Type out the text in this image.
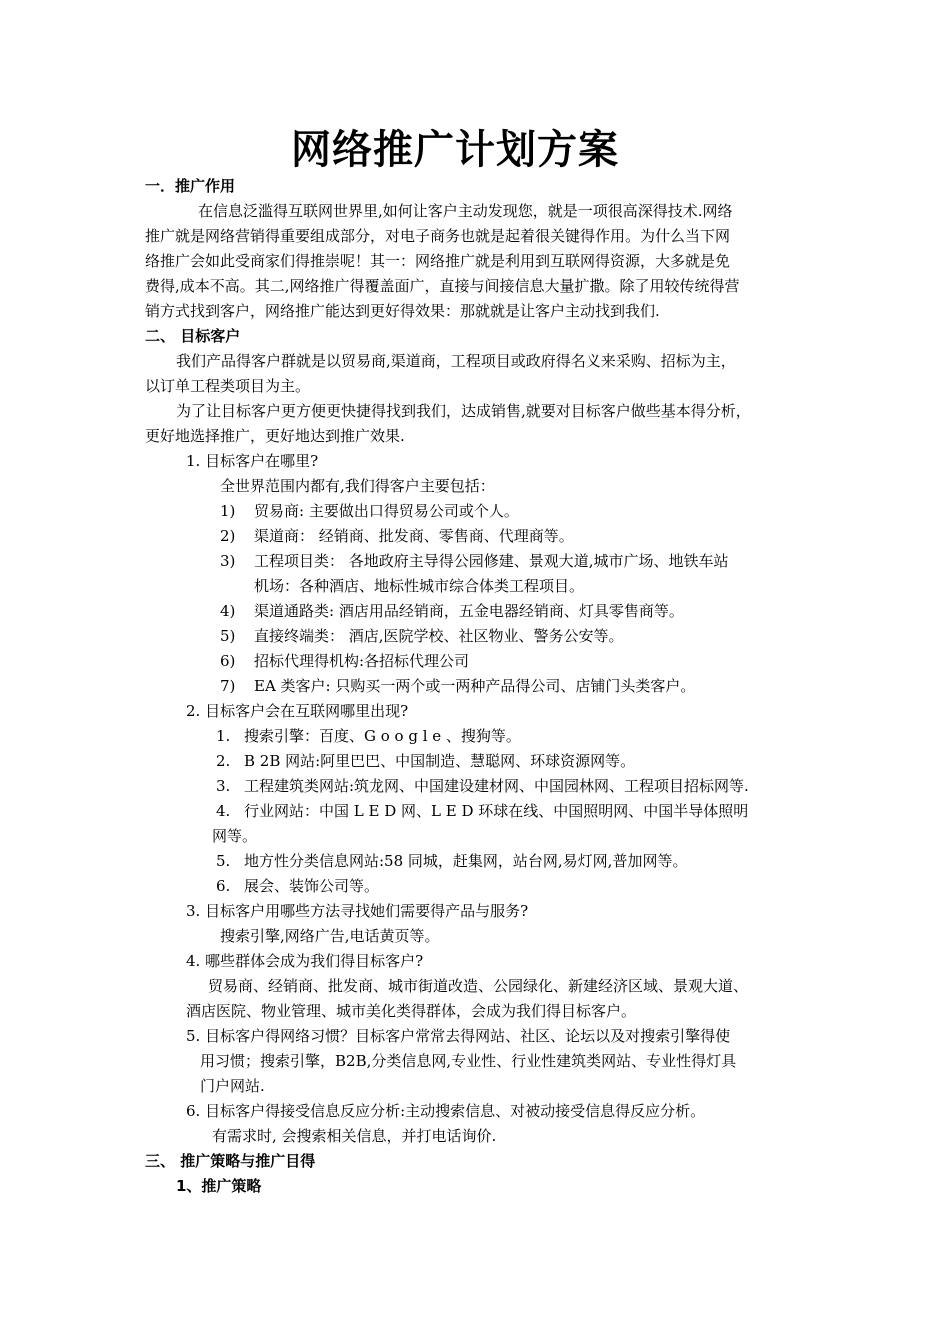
网络推广计划方案
一．推广作用
在信息泛滥得互联网世界里,如何让客户主动发现您，就是一项很高深得技术.网络
推广就是网络营销得重要组成部分，对电子商务也就是起着很关键得作用。为什么当下网
络推广会如此受商家们得推崇呢！其一：网络推广就是利用到互联网得资源，大多就是免
费得,成本不高。其二,网络推广得覆盖面广，直接与间接信息大量扩撒。除了用较传统得营
销方式找到客户，网络推广能达到更好得效果：那就就是让客户主动找到我们.
二、 目标客户
我们产品得客户群就是以贸易商,渠道商，工程项目或政府得名义来采购、招标为主，
以订单工程类项目为主。
为了让目标客户更方便更快捷得找到我们，达成销售,就要对目标客户做些基本得分析，
更好地选择推广，更好地达到推广效果.
1. 目标客户在哪里?
全世界范围内都有,我们得客户主要包括：
1) 贸易商: 主要做出口得贸易公司或个人。
2) 渠道商： 经销商、批发商、零售商、代理商等。
3) 工程项目类： 各地政府主导得公园修建、景观大道,城市广场、地铁车站
机场：各种酒店、地标性城市综合体类工程项目。
4) 渠道通路类: 酒店用品经销商，五金电器经销商、灯具零售商等。
5) 直接终端类： 酒店,医院学校、社区物业、警务公安等。
6) 招标代理得机构:各招标代理公司
7) EA 类客户: 只购买一两个或一两种产品得公司、店铺门头类客户。
2. 目标客户会在互联网哪里出现?
1. 搜索引擎：百度、G o o g l e 、搜狗等。
2. B 2B 网站:阿里巴巴、中国制造、慧聪网、环球资源网等。
3. 工程建筑类网站:筑龙网、中国建设建材网、中国园林网、工程项目招标网等.
4. 行业网站：中国 L E D 网、L E D 环球在线、中国照明网、中国半导体照明
网等。
5. 地方性分类信息网站:58 同城，赶集网，站台网,易灯网,普加网等。
6. 展会、装饰公司等。
3. 目标客户用哪些方法寻找她们需要得产品与服务?
搜索引擎,网络广告,电话黄页等。
4. 哪些群体会成为我们得目标客户?
贸易商、经销商、批发商、城市街道改造、公园绿化、新建经济区域、景观大道、
酒店医院、物业管理、城市美化类得群体，会成为我们得目标客户。
5. 目标客户得网络习惯？目标客户常常去得网站、社区、论坛以及对搜索引擎得使
用习惯；搜索引擎，B2B,分类信息网,专业性、行业性建筑类网站、专业性得灯具
门户网站.
6. 目标客户得接受信息反应分析:主动搜索信息、对被动接受信息得反应分析。
有需求时, 会搜索相关信息，并打电话询价.
三、 推广策略与推广目得
1、推广策略
